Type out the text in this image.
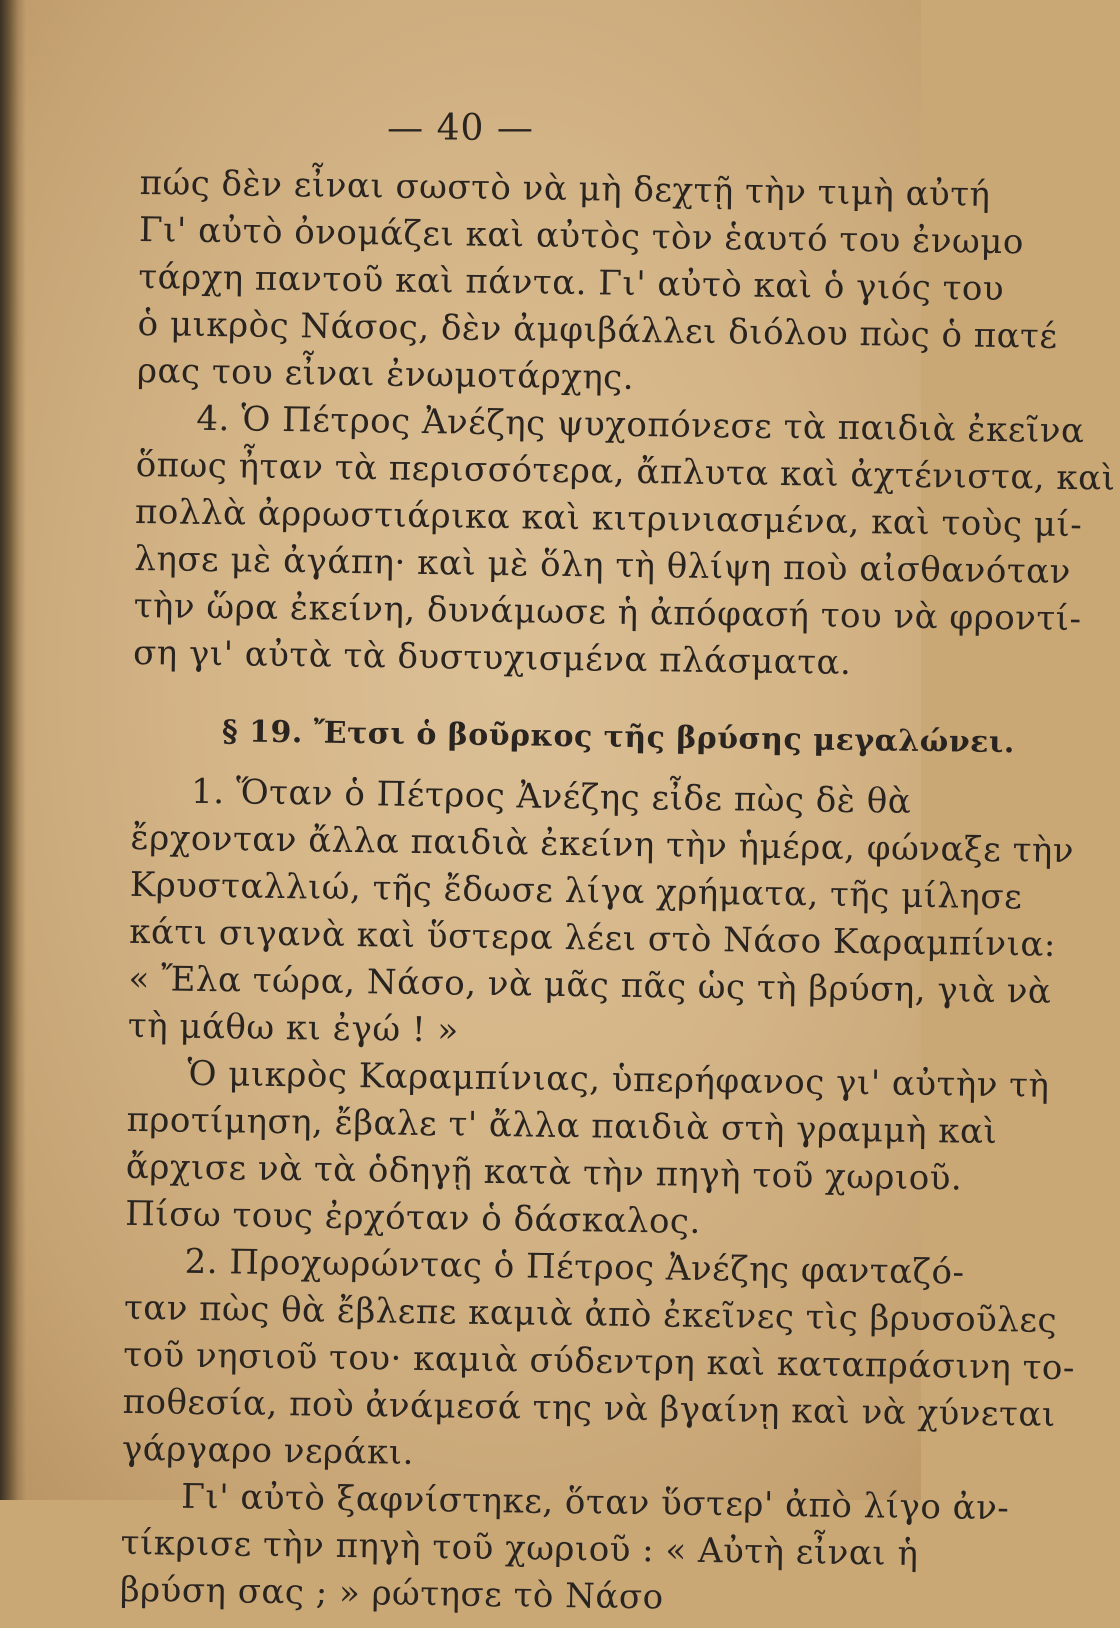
— 40 —
πώς δὲν εἶναι σωστὸ νὰ μὴ δεχτῇ τὴν τιμὴ αὐτή
Γι' αὐτὸ ὀνομάζει καὶ αὐτὸς τὸν ἑαυτό του ἐνωμο
τάρχη παντοῦ καὶ πάντα. Γι' αὐτὸ καὶ ὁ γιός του
ὁ μικρὸς Νάσος, δὲν ἀμφιβάλλει διόλου πὼς ὁ πατέ
ρας του εἶναι ἐνωμοτάρχης.
4. Ὁ Πέτρος Ἀνέζης ψυχοπόνεσε τὰ παιδιὰ ἐκεῖνα
ὅπως ἦταν τὰ περισσότερα, ἄπλυτα καὶ ἀχτένιστα, καὶ
πολλὰ ἀρρωστιάρικα καὶ κιτρινιασμένα, καὶ τοὺς μί-
λησε μὲ ἀγάπη· καὶ μὲ ὅλη τὴ θλίψη ποὺ αἰσθανόταν
τὴν ὥρα ἐκείνη, δυνάμωσε ἡ ἀπόφασή του νὰ φροντί-
ση γι' αὐτὰ τὰ δυστυχισμένα πλάσματα.
§ 19. Ἔτσι ὁ βοῦρκος τῆς βρύσης μεγαλώνει.
1. Ὅταν ὁ Πέτρος Ἀνέζης εἶδε πὼς δὲ θὰ
ἔρχονταν ἄλλα παιδιὰ ἐκείνη τὴν ἡμέρα, φώναξε τὴν
Κρυσταλλιώ, τῆς ἔδωσε λίγα χρήματα, τῆς μίλησε
κάτι σιγανὰ καὶ ὕστερα λέει στὸ Νάσο Καραμπίνια:
« Ἔλα τώρα, Νάσο, νὰ μᾶς πᾶς ὡς τὴ βρύση, γιὰ νὰ
τὴ μάθω κι ἐγώ ! »
Ὁ μικρὸς Καραμπίνιας, ὑπερήφανος γι' αὐτὴν τὴ
προτίμηση, ἔβαλε τ' ἄλλα παιδιὰ στὴ γραμμὴ καὶ
ἄρχισε νὰ τὰ ὁδηγῇ κατὰ τὴν πηγὴ τοῦ χωριοῦ.
Πίσω τους ἐρχόταν ὁ δάσκαλος.
2. Προχωρώντας ὁ Πέτρος Ἀνέζης φανταζό-
ταν πὼς θὰ ἔβλεπε καμιὰ ἀπὸ ἐκεῖνες τὶς βρυσοῦλες
τοῦ νησιοῦ του· καμιὰ σύδεντρη καὶ καταπράσινη το-
ποθεσία, ποὺ ἀνάμεσά της νὰ βγαίνῃ καὶ νὰ χύνεται
γάργαρο νεράκι.
Γι' αὐτὸ ξαφνίστηκε, ὅταν ὕστερ' ἀπὸ λίγο ἀν-
τίκρισε τὴν πηγὴ τοῦ χωριοῦ : « Αὐτὴ εἶναι ἡ
βρύση σας ; » ρώτησε τὸ Νάσο
